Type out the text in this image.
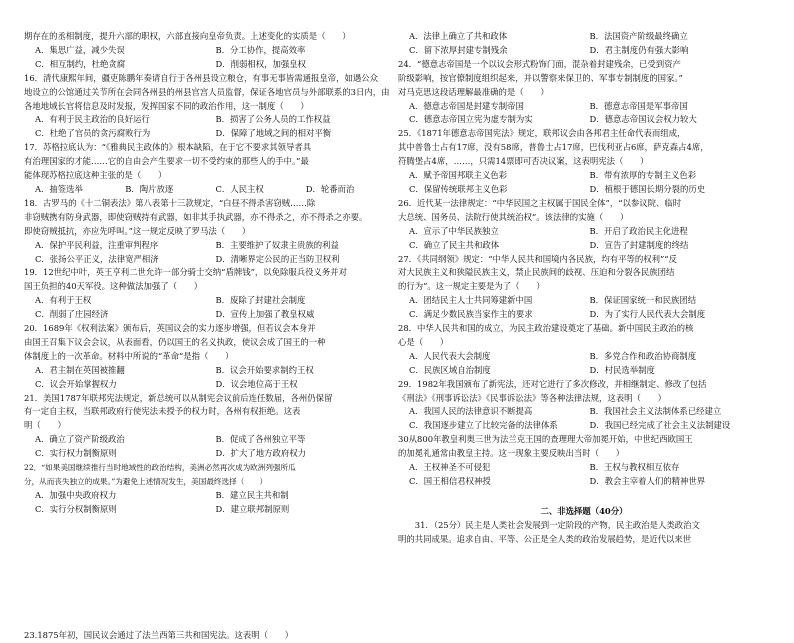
期存在的丞相制度，提升六部的职权，六部直接向皇帝负责。上述变化的实质是（　　）
A．集思广益，减少失误	B．分工协作，提高效率
C．相互制约，杜绝贪腐	D．削弱相权，加强皇权
16．清代康熙年间，疆吏陈鹏年奏请自行于各州县设立粮仓，有事无事皆需通报皇帝，如遇公众
地设立的公馆通过关节所在会同各州县的州县官宫人员监督，保证各地官员与外部联系的3日内，由
各地地域长官将信息及时发报，发挥国家不同的政治作用，这一制度（　　）
A．有利于民主政治的良好运行	B．损害了公务人员的工作权益
C．杜绝了官员的贪污腐败行为	D．保障了地域之间的相对平衡
17．苏格拉底认为：“《雅典民主政体的》根本缺陷，在于它不要求其领导者具
有治理国家的才能……它的自由会产生要求一切不受约束的那些人的手中。”最
能体现苏格拉底这种主张的是（　　）
A．抽签选举	B．陶片放逐	C．人民主权	D．轮番而治
18．古罗马的《十二铜表法》第八表第十三款规定，“白昼不得杀害窃贼……除
非窃贼携有防身武器，即使窃贼持有武器，如非其手执武器，亦不得杀之，亦不得杀之亦要。
即使窃贼抵抗，亦应先呼叫。”这一规定反映了罗马法（　　）
A．保护平民利益，注重审判程序	B．主要维护了奴隶主贵族的利益
C．张扬公平正义，法律宽严相济	D．清晰界定公民的正当防卫权利
19．12世纪中叶，英王亨利二世允许一部分骑士交纳“盾牌钱”，以免除服兵役义务并对
国王负担的40天军役。这种做法加强了（　　）
A．有利于王权	B．废除了封建社会制度
C．削弱了庄园经济	D．宣传上加强了教皇权威
20．1689年《权利法案》颁布后，英国议会的实力逐步增强，但若议会本身并
由国王召集下议会会议，从表面看，仍以国王的名义执政，使议会成了国王的一种
体制度上的一次革命。材料中所说的“革命”是指（　　）
A．君主制在英国被推翻	B．议会开始要求制约王权
C．议会开始掌握权力	D．议会地位高于王权
21．美国1787年联邦宪法规定，新总统可以从制宪会议前后连任数届，各州仍保留
有一定自主权，当联邦政府行使宪法未授予的权力时，各州有权拒绝。这表
明（　　）
A．确立了资产阶级政治	B．促成了各州独立平等
C．实行权力制衡原则	D．扩大了地方政府权力
22．“如果美国继续推行当时地域性的政治结构，美洲必然再次成为欧洲列强所瓜
分，从而丧失独立的成果。”为避免上述情况发生，美国最终选择（　　）
A．加强中央政府权力	B．建立民主共和制
C．实行分权制衡原则	D．建立联邦制原则
23.1875年初，国民议会通过了法兰西第三共和国宪法。这表明（　　）
A．法律上确立了共和政体	B．法国资产阶级最终确立
C．留下浓厚封建专制残余	D．君主制度仍有强大影响
24．“德意志帝国是一个以议会形式粉饰门面，混杂着封建残余，已受到资产
阶级影响，按官僚制度组织起来，并以警察来保卫的、军事专制制度的国家。”
对马克思这段话理解最准确的是（　　）
A．德意志帝国是封建专制帝国	B．德意志帝国是军事帝国
C．德意志帝国立宪为虚专制为实	D．德意志帝国议会权力较大
25．《1871年德意志帝国宪法》规定，联邦议会由各邦君主任命代表而组成，
其中普鲁士占有17席，没有58席，普鲁士占17席，巴伐利亚占6席，萨克森占4席，
符腾堡占4席，……，只需14票即可否决议案，这表明宪法（　　）
A．赋予帝国邦联主义色彩	B．带有浓厚的专制主义色彩
C．保留传统联邦主义色彩	D．植根于德国长期分裂的历史
26．近代某一法律规定：“中华民国之主权属于国民全体”，“以参议院、临时
大总统、国务员、法院行使其统治权”。该法律的实施（　　）
A．宣示了中华民族独立	B．开启了政治民主化进程
C．确立了民主共和政体	D．宣告了封建制度的终结
27．《共同纲领》规定：“中华人民共和国境内各民族，均有平等的权利”“反
对大民族主义和狭隘民族主义，禁止民族间的歧视、压迫和分裂各民族团结
的行为”。这一规定主要是为了（　　）
A．团结民主人士共同筹建新中国	B．保证国家统一和民族团结
C．满足少数民族当家作主的要求	D．为了实行人民代表大会制度
28．中华人民共和国的成立，为民主政治建设奠定了基础。新中国民主政治的核
心是（　　）
A．人民代表大会制度	B．多党合作和政治协商制度
C．民族区域自治制度	D．村民选举制度
29．1982年我国颁布了新宪法，还对它进行了多次修改，并相继制定、修改了包括
《刑法》《刑事诉讼法》《民事诉讼法》等各种法律法规，这表明（　　）
A．我国人民的法律意识不断提高	B．我国社会主义法制体系已经建立
C．我国逐步建立了比较完备的法律体系	D．我国已经完成了社会主义法制建设
30从800年教皇利奥三世为法兰克王国的查理理大帝加冕开始，中世纪西欧国王
的加冕礼通常由教皇主持。这一现象主要反映出当时（　　）
A．王权神圣不可侵犯	B．王权与教权相互依存
C．国王相信君权神授	D．教会主宰着人们的精神世界
二、非选择题（40分）
　　31．（25分）民主是人类社会发展到一定阶段的产物，民主政治是人类政治文
明的共同成果。追求自由、平等、公正是全人类的政治发展趋势，是近代以来世
